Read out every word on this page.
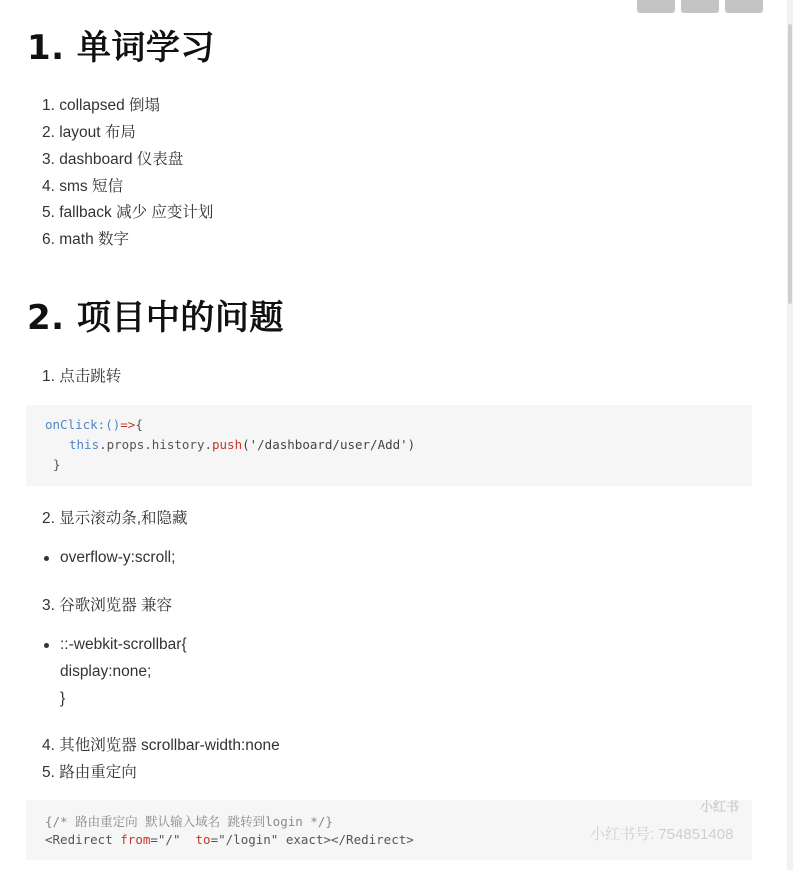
1. 单词学习
1. collapsed 倒塌
2. layout 布局
3. dashboard 仪表盘
4. sms 短信
5. fallback 减少 应变计划
6. math 数字
2. 项目中的问题
1. 点击跳转

onClick:()=>{

this.props.history.push('/dashboard/user/Add')

}

2. 显示滚动条,和隐藏
overflow-y:scroll;
3. 谷歌浏览器 兼容
::-webkit-scrollbar{
display:none;
}
4. 其他浏览器 scrollbar-width:none
5. 路由重定向

{/* 路由重定向 默认输入域名 跳转到login */}

<Redirect from="/"  to="/login" exact></Redirect>

小红书
小红书号: 754851408
